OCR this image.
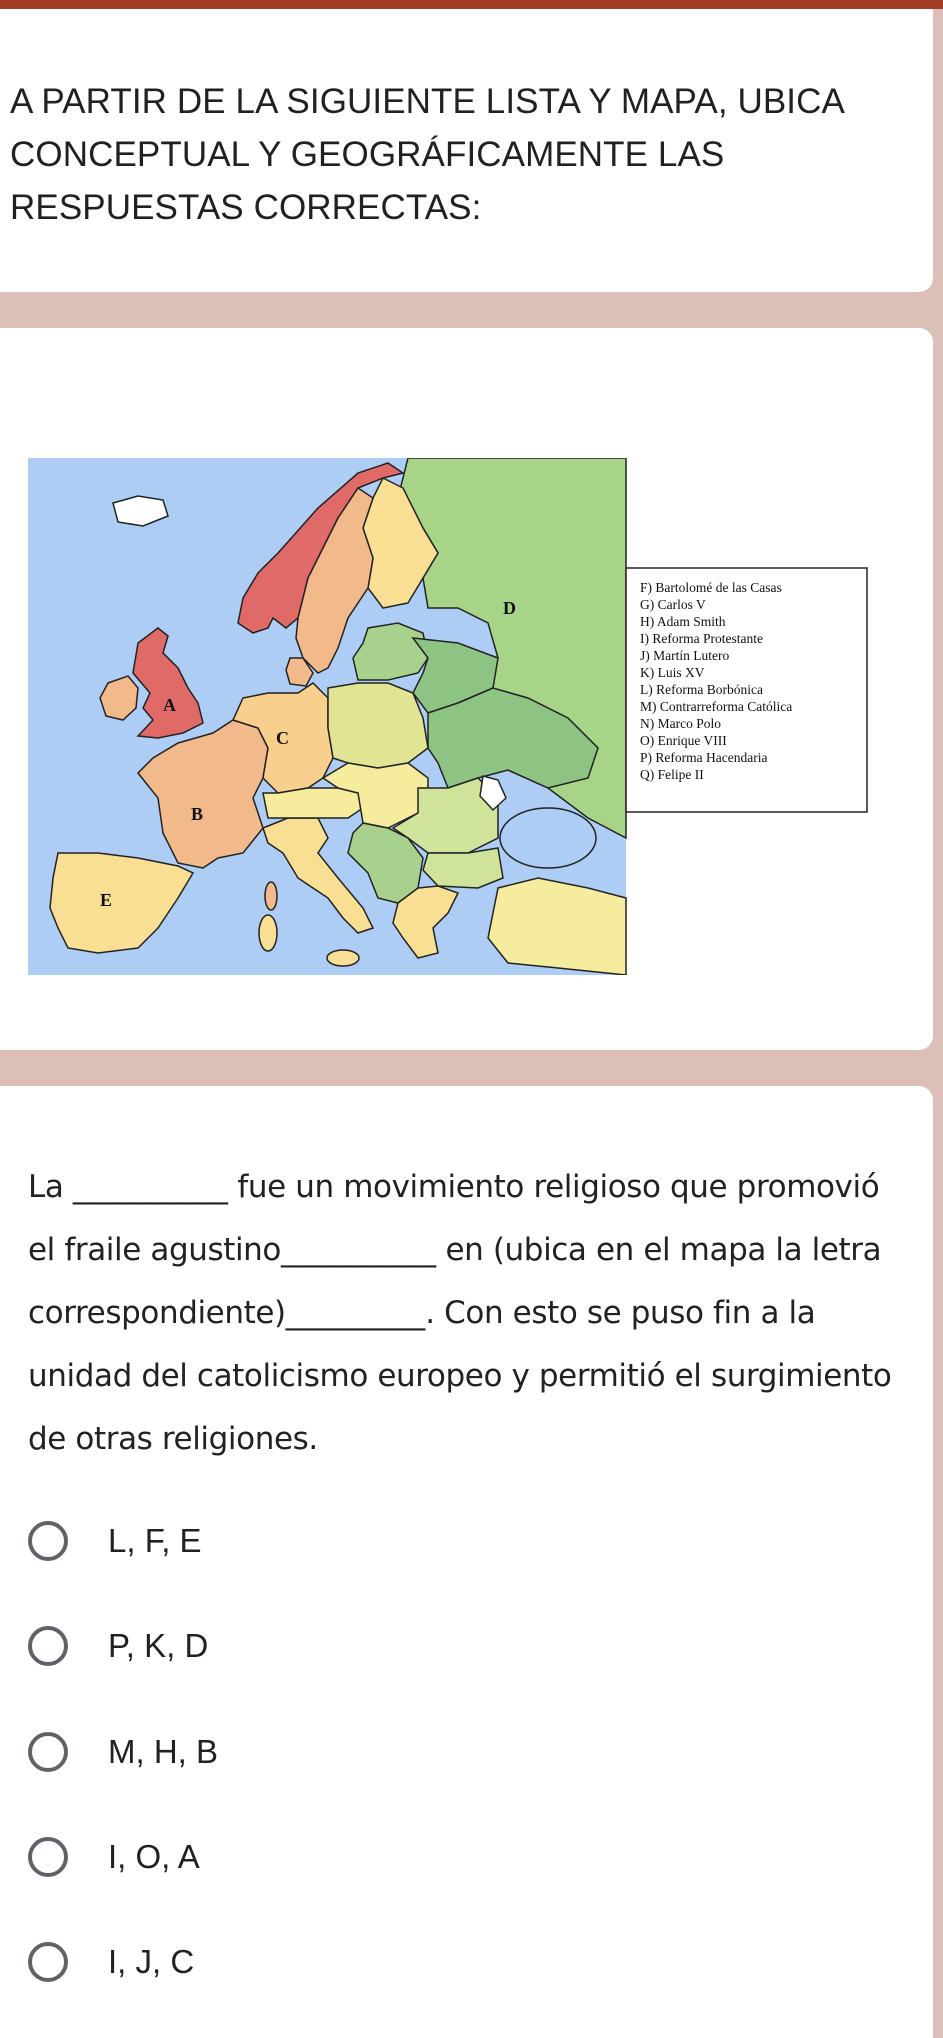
A PARTIR DE LA SIGUIENTE LISTA Y MAPA, UBICA CONCEPTUAL Y GEOGRÁFICAMENTE LAS RESPUESTAS CORRECTAS:
A
B
C
D
E
F) Bartolomé de las Casas
G) Carlos V
H) Adam Smith
I) Reforma Protestante
J) Martín Lutero
K) Luis XV
L) Reforma Borbónica
M) Contrarreforma Católica
N) Marco Polo
O) Enrique VIII
P) Reforma Hacendaria
Q) Felipe II
La __________ fue un movimiento religioso que promovió el fraile agustino__________ en (ubica en el mapa la letra correspondiente)_________. Con esto se puso fin a la unidad del catolicismo europeo y permitió el surgimiento de otras religiones.
L, F, E
P, K, D
M, H, B
I, O, A
I, J, C
